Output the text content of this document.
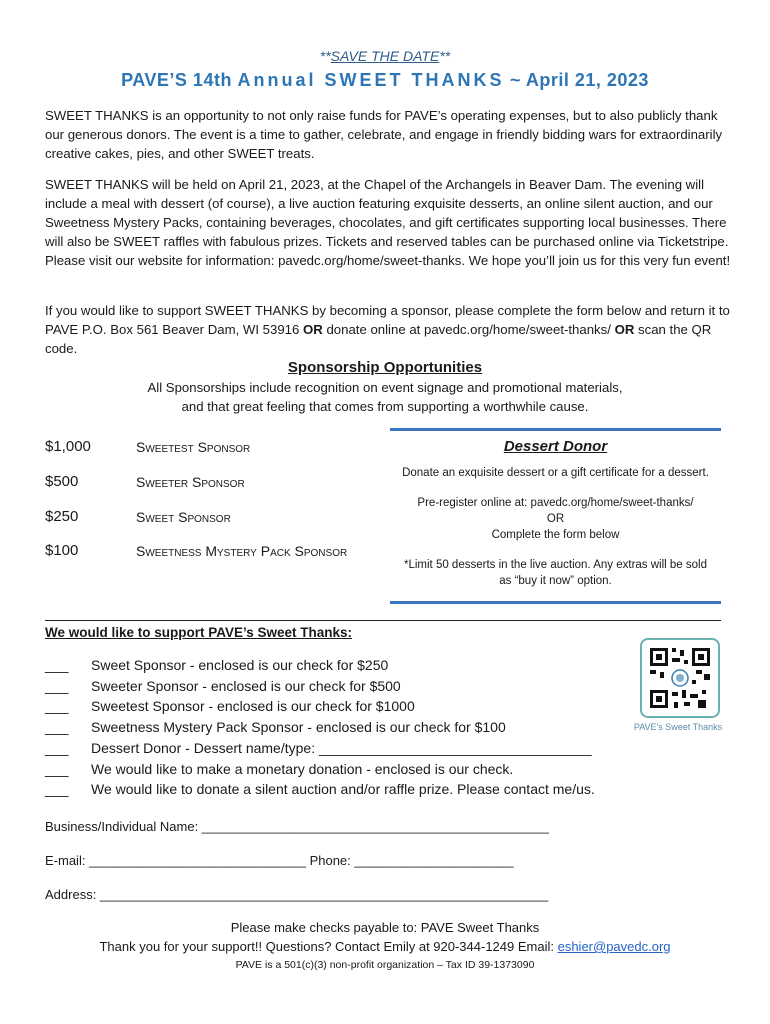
**SAVE THE DATE**
PAVE’S 14th Annual SWEET THANKS ~ April 21, 2023
SWEET THANKS is an opportunity to not only raise funds for PAVE’s operating expenses, but to also publicly thank our generous donors. The event is a time to gather, celebrate, and engage in friendly bidding wars for extraordinarily creative cakes, pies, and other SWEET treats.
SWEET THANKS will be held on April 21, 2023, at the Chapel of the Archangels in Beaver Dam. The evening will include a meal with dessert (of course), a live auction featuring exquisite desserts, an online silent auction, and our Sweetness Mystery Packs, containing beverages, chocolates, and gift certificates supporting local businesses. There will also be SWEET raffles with fabulous prizes. Tickets and reserved tables can be purchased online via Ticketstripe. Please visit our website for information: pavedc.org/home/sweet-thanks. We hope you’ll join us for this very fun event!
If you would like to support SWEET THANKS by becoming a sponsor, please complete the form below and return it to PAVE P.O. Box 561 Beaver Dam, WI 53916 OR donate online at pavedc.org/home/sweet-thanks/ OR scan the QR code.
Sponsorship Opportunities
All Sponsorships include recognition on event signage and promotional materials,
and that great feeling that comes from supporting a worthwhile cause.
$1,000	Sweetest Sponsor
$500	Sweeter Sponsor
$250	Sweet Sponsor
$100	Sweetness Mystery Pack Sponsor
Dessert Donor
Donate an exquisite dessert or a gift certificate for a dessert.
Pre-register online at: pavedc.org/home/sweet-thanks/
OR
Complete the form below
*Limit 50 desserts in the live auction. Any extras will be sold
as “buy it now” option.
We would like to support PAVE’s Sweet Thanks:
___ Sweet Sponsor - enclosed is our check for $250
___ Sweeter Sponsor - enclosed is our check for $500
___ Sweetest Sponsor - enclosed is our check for $1000
___ Sweetness Mystery Pack Sponsor - enclosed is our check for $100
___ Dessert Donor - Dessert name/type: ___________________________________
___ We would like to make a monetary donation - enclosed is our check.
___ We would like to donate a silent auction and/or raffle prize. Please contact me/us.
PAVE's Sweet Thanks
Business/Individual Name: ________________________________________________
E-mail: ______________________________ Phone: ______________________
Address: ______________________________________________________________
Please make checks payable to: PAVE Sweet Thanks
Thank you for your support!! Questions? Contact Emily at 920-344-1249 Email: eshier@pavedc.org
PAVE is a 501(c)(3) non-profit organization – Tax ID 39-1373090
